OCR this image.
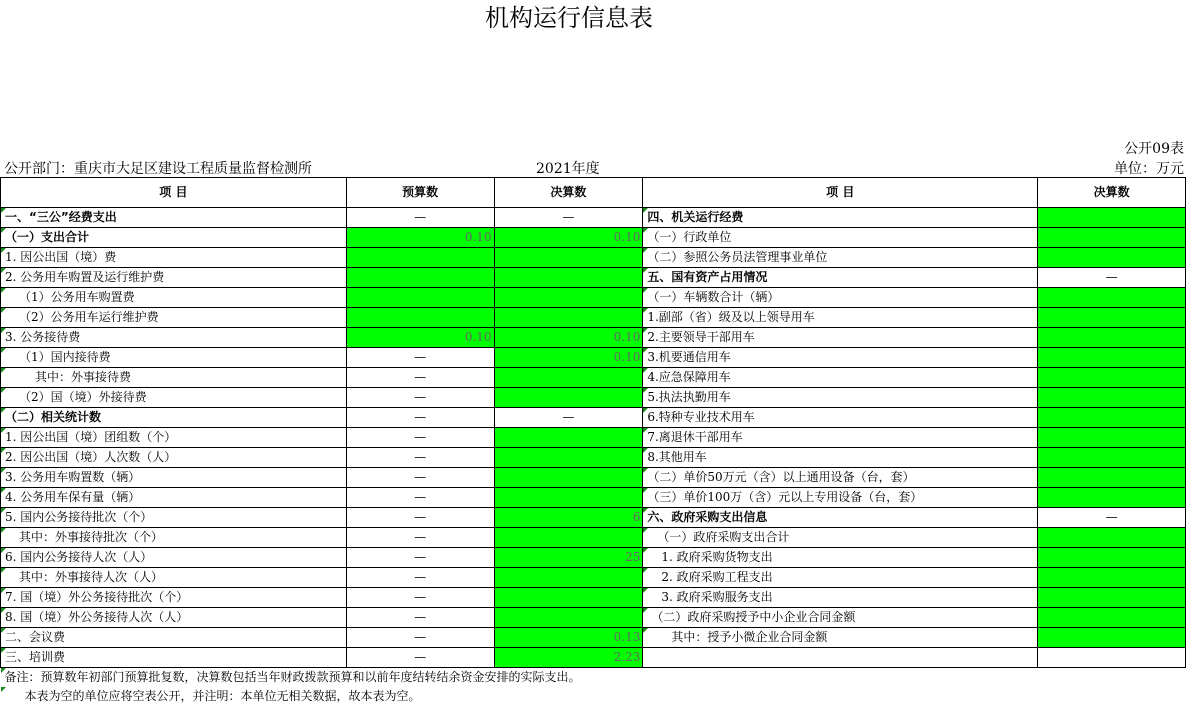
机构运行信息表
公开09表
公开部门：重庆市大足区建设工程质量监督检测所	2021年度	单位：万元
项 目	预算数	决算数	项 目	决算数
一、“三公”经费支出	—	—	四、机关运行经费	
（一）支出合计	0.10	0.10	（一）行政单位	
1. 因公出国（境）费			（二）参照公务员法管理事业单位	
2. 公务用车购置及运行维护费			五、国有资产占用情况	—
（1）公务用车购置费			（一）车辆数合计（辆）	
（2）公务用车运行维护费			1.副部（省）级及以上领导用车	
3. 公务接待费	0.10	0.10	2.主要领导干部用车	
（1）国内接待费	—	0.10	3.机要通信用车	
其中：外事接待费	—		4.应急保障用车	
（2）国（境）外接待费	—		5.执法执勤用车	
（二）相关统计数	—	—	6.特种专业技术用车	
1. 因公出国（境）团组数（个）	—		7.离退休干部用车	
2. 因公出国（境）人次数（人）	—		8.其他用车	
3. 公务用车购置数（辆）	—		（二）单价50万元（含）以上通用设备（台，套）	
4. 公务用车保有量（辆）	—		（三）单价100万（含）元以上专用设备（台，套）	
5. 国内公务接待批次（个）	—	6	六、政府采购支出信息	—
其中：外事接待批次（个）	—		（一）政府采购支出合计	
6. 国内公务接待人次（人）	—	25	1. 政府采购货物支出	
其中：外事接待人次（人）	—		2. 政府采购工程支出	
7. 国（境）外公务接待批次（个）	—		3. 政府采购服务支出	
8. 国（境）外公务接待人次（人）	—		（二）政府采购授予中小企业合同金额	
二、会议费	—	0.13	其中：授予小微企业合同金额	
三、培训费	—	2.23		
备注：预算数年初部门预算批复数，决算数包括当年财政拨款预算和以前年度结转结余资金安排的实际支出。				
本表为空的单位应将空表公开，并注明：本单位无相关数据，故本表为空。				
